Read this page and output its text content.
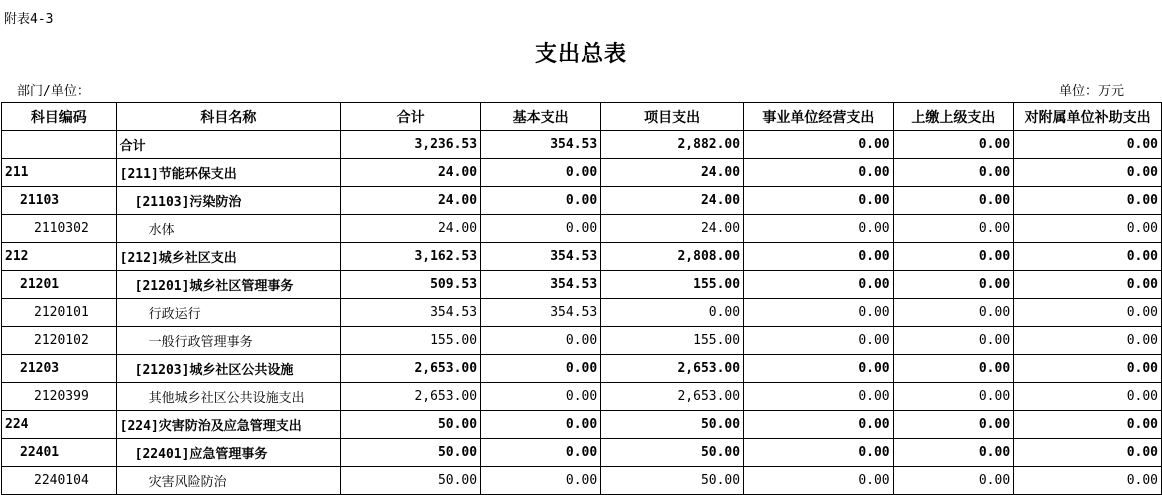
附表4-3
支出总表
部门/单位：	单位：万元
科目编码	科目名称	合计	基本支出	项目支出	事业单位经营支出	上缴上级支出	对附属单位补助支出
	合计	3,236.53	354.53	2,882.00	0.00	0.00	0.00
211	[211]节能环保支出	24.00	0.00	24.00	0.00	0.00	0.00
21103	[21103]污染防治	24.00	0.00	24.00	0.00	0.00	0.00
2110302	水体	24.00	0.00	24.00	0.00	0.00	0.00
212	[212]城乡社区支出	3,162.53	354.53	2,808.00	0.00	0.00	0.00
21201	[21201]城乡社区管理事务	509.53	354.53	155.00	0.00	0.00	0.00
2120101	行政运行	354.53	354.53	0.00	0.00	0.00	0.00
2120102	一般行政管理事务	155.00	0.00	155.00	0.00	0.00	0.00
21203	[21203]城乡社区公共设施	2,653.00	0.00	2,653.00	0.00	0.00	0.00
2120399	其他城乡社区公共设施支出	2,653.00	0.00	2,653.00	0.00	0.00	0.00
224	[224]灾害防治及应急管理支出	50.00	0.00	50.00	0.00	0.00	0.00
22401	[22401]应急管理事务	50.00	0.00	50.00	0.00	0.00	0.00
2240104	灾害风险防治	50.00	0.00	50.00	0.00	0.00	0.00
